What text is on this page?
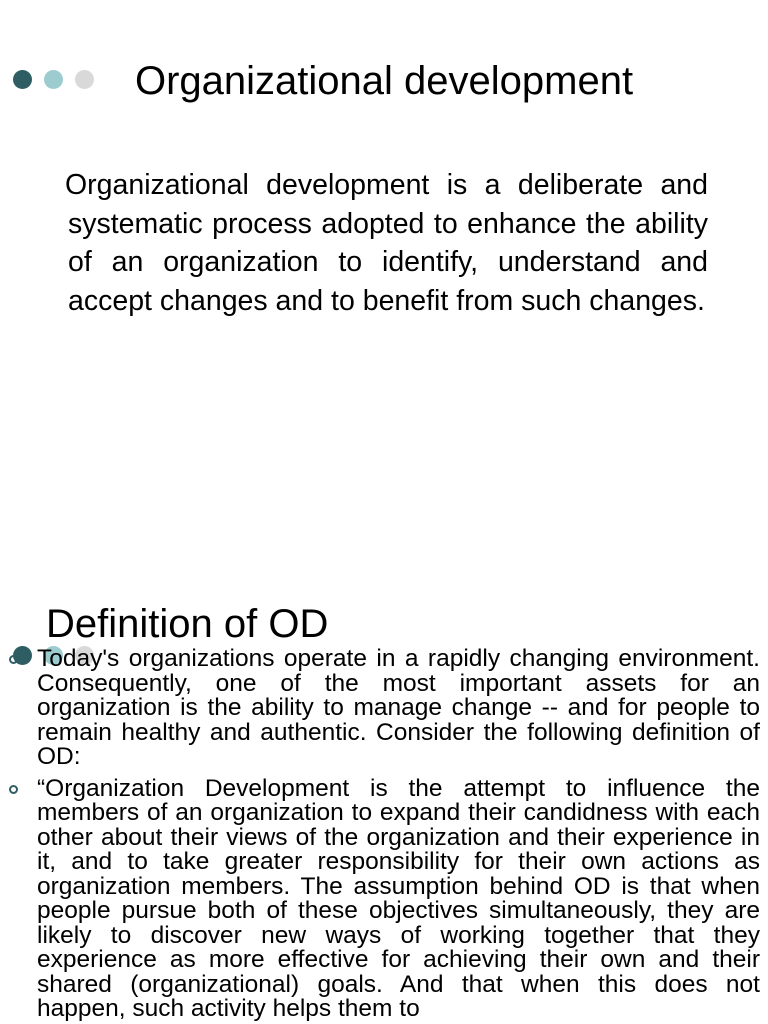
Organizational development

Organizational development is a deliberate and systematic process adopted to enhance the ability of an organization to identify, understand and accept changes and to benefit from such changes.

Definition of OD
Today's organizations operate in a rapidly changing environment. Consequently, one of the most important assets for an organization is the ability to manage change -- and for people to remain healthy and authentic. Consider the following definition of OD:
“Organization Development is the attempt to influence the members of an organization to expand their candidness with each other about their views of the organization and their experience in it, and to take greater responsibility for their own actions as organization members. The assumption behind OD is that when people pursue both of these objectives simultaneously, they are likely to discover new ways of working together that they experience as more effective for achieving their own and their shared (organizational) goals. And that when this does not happen, such activity helps them to
